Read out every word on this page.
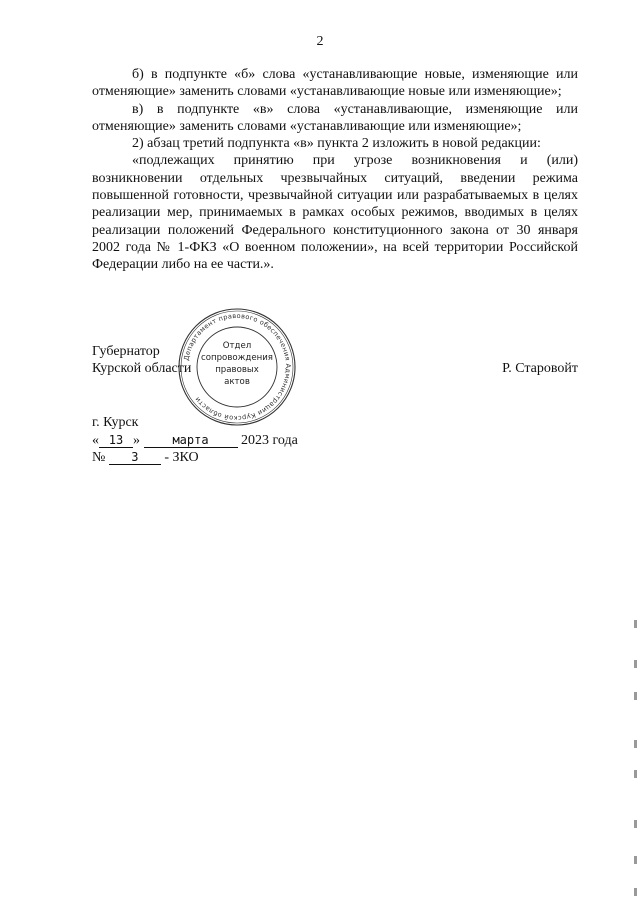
2

б) в подпункте «б» слова «устанавливающие новые, изменяющие или отменяющие» заменить словами «устанавливающие новые или изменяющие»;

в) в подпункте «в» слова «устанавливающие, изменяющие или отменяющие» заменить словами «устанавливающие или изменяющие»;

2) абзац третий подпункта «в» пункта 2 изложить в новой редакции:

«подлежащих принятию при угрозе возникновения и (или) возникновении отдельных чрезвычайных ситуаций, введении режима повышенной готовности, чрезвычайной ситуации или разрабатываемых в целях реализации мер, принимаемых в рамках особых режимов, вводимых в целях реализации положений Федерального конституционного закона от 30 января 2002 года № 1-ФКЗ «О военном положении», на всей территории Российской Федерации либо на ее части.».

Губернатор
Курской области	Р. Старовойт
Департамент правового обеспечения Администрации Курской области
Отдел
сопровождения
правовых
актов
г. Курск
« 13 »	марта 2023 года
№ 3 - ЗКО
